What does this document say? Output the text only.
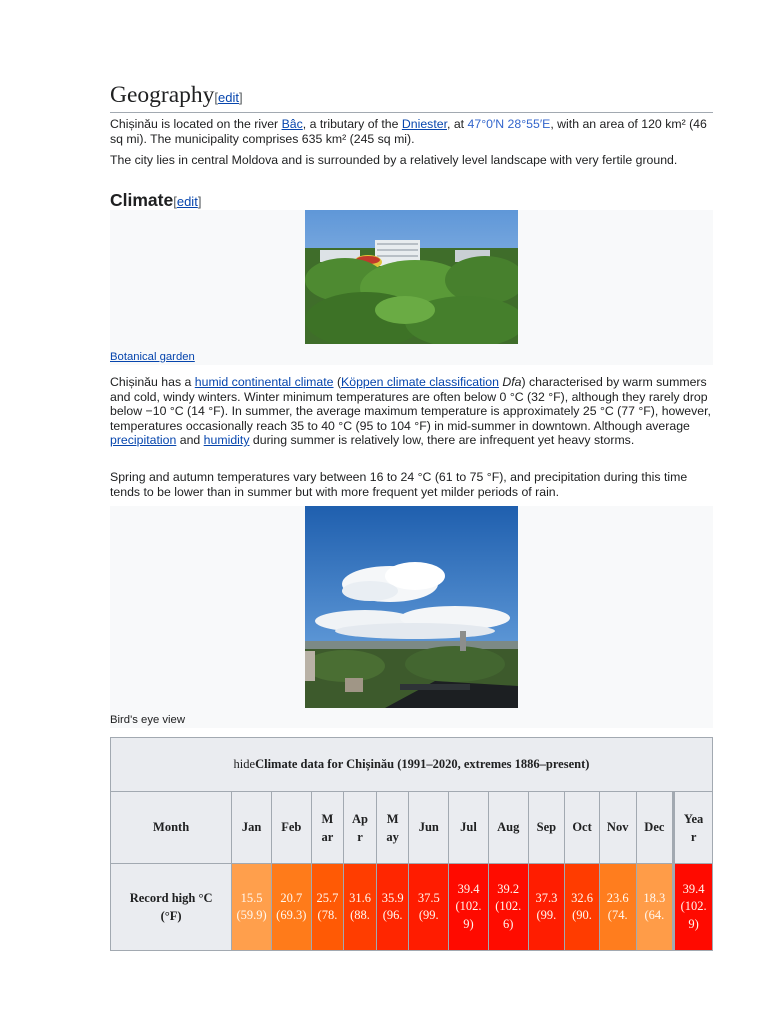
Geography[edit]

Chișinău is located on the river Bâc, a tributary of the Dniester, at 47°0′N 28°55′E, with an area of 120 km² (46 sq mi). The municipality comprises 635 km² (245 sq mi).

The city lies in central Moldova and is surrounded by a relatively level landscape with very fertile ground.

Climate[edit]
Botanical garden

Chișinău has a humid continental climate (Köppen climate classification Dfa) characterised by warm summers and cold, windy winters. Winter minimum temperatures are often below 0 °C (32 °F), although they rarely drop below −10 °C (14 °F). In summer, the average maximum temperature is approximately 25 °C (77 °F), however, temperatures occasionally reach 35 to 40 °C (95 to 104 °F) in mid-summer in downtown. Although average precipitation and humidity during summer is relatively low, there are infrequent yet heavy storms.

Spring and autumn temperatures vary between 16 to 24 °C (61 to 75 °F), and precipitation during this time tends to be lower than in summer but with more frequent yet milder periods of rain.

Bird's eye view
hideClimate data for Chișinău (1991–2020, extremes 1886–present)													
Month	Jan	Feb	Mar	Apr	May	Jun	Jul	Aug	Sep	Oct	Nov	Dec	Year
Record high °C (°F)	15.5 (59.9)	20.7 (69.3)	25.7 (78.	31.6 (88.	35.9 (96.	37.5 (99.	39.4 (102.9)	39.2 (102.6)	37.3 (99.	32.6 (90.	23.6 (74.	18.3 (64.	39.4 (102.9)
